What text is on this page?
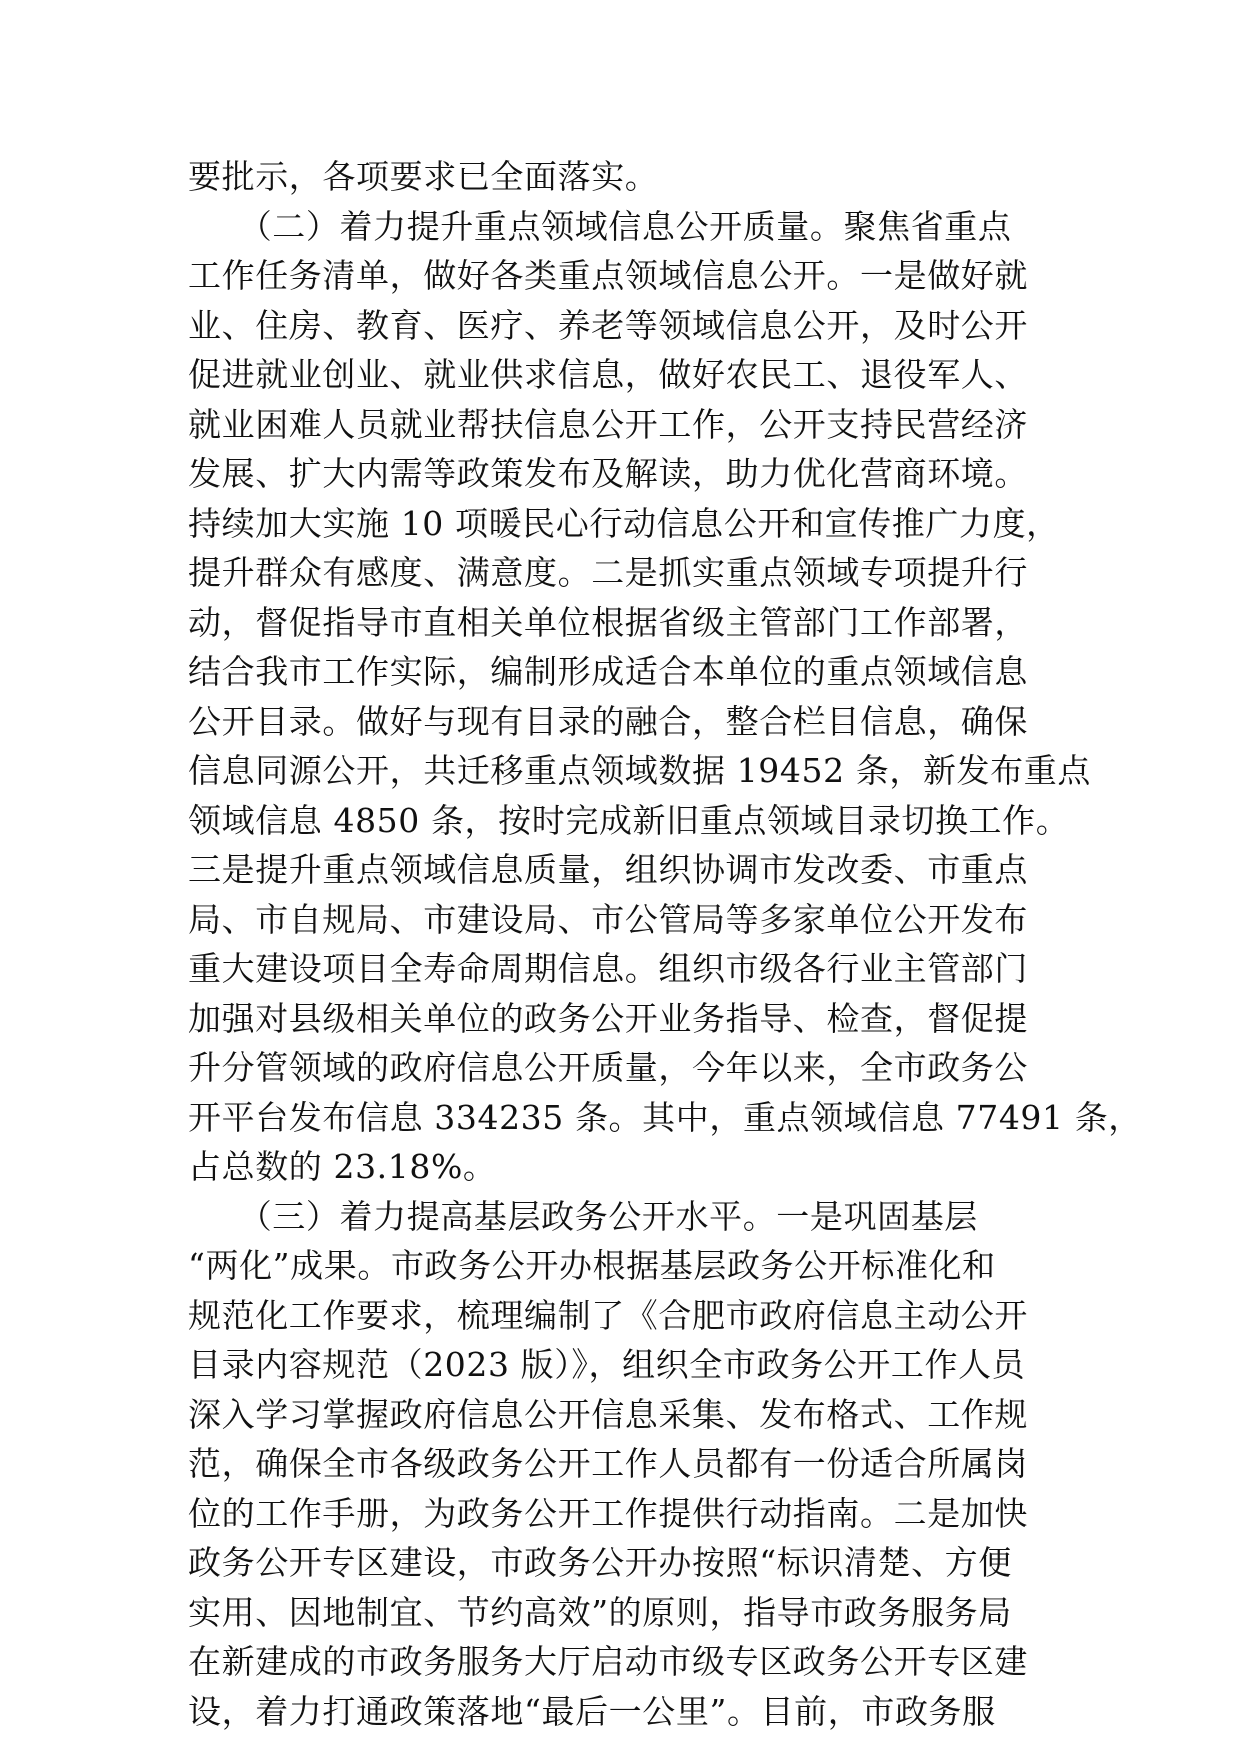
要批示，各项要求已全面落实。
　　（二）着力提升重点领域信息公开质量。聚焦省重点
工作任务清单，做好各类重点领域信息公开。一是做好就
业、住房、教育、医疗、养老等领域信息公开，及时公开
促进就业创业、就业供求信息，做好农民工、退役军人、
就业困难人员就业帮扶信息公开工作，公开支持民营经济
发展、扩大内需等政策发布及解读，助力优化营商环境。
持续加大实施 10 项暖民心行动信息公开和宣传推广力度，
提升群众有感度、满意度。二是抓实重点领域专项提升行
动，督促指导市直相关单位根据省级主管部门工作部署，
结合我市工作实际，编制形成适合本单位的重点领域信息
公开目录。做好与现有目录的融合，整合栏目信息，确保
信息同源公开，共迁移重点领域数据 19452 条，新发布重点
领域信息 4850 条，按时完成新旧重点领域目录切换工作。
三是提升重点领域信息质量，组织协调市发改委、市重点
局、市自规局、市建设局、市公管局等多家单位公开发布
重大建设项目全寿命周期信息。组织市级各行业主管部门
加强对县级相关单位的政务公开业务指导、检查，督促提
升分管领域的政府信息公开质量，今年以来，全市政务公
开平台发布信息 334235 条。其中，重点领域信息 77491 条，
占总数的 23.18%。
　　（三）着力提高基层政务公开水平。一是巩固基层
“两化”成果。市政务公开办根据基层政务公开标准化和
规范化工作要求，梳理编制了《合肥市政府信息主动公开
目录内容规范（2023 版）》，组织全市政务公开工作人员
深入学习掌握政府信息公开信息采集、发布格式、工作规
范，确保全市各级政务公开工作人员都有一份适合所属岗
位的工作手册，为政务公开工作提供行动指南。二是加快
政务公开专区建设，市政务公开办按照“标识清楚、方便
实用、因地制宜、节约高效”的原则，指导市政务服务局
在新建成的市政务服务大厅启动市级专区政务公开专区建
设，着力打通政策落地“最后一公里”。目前，市政务服
